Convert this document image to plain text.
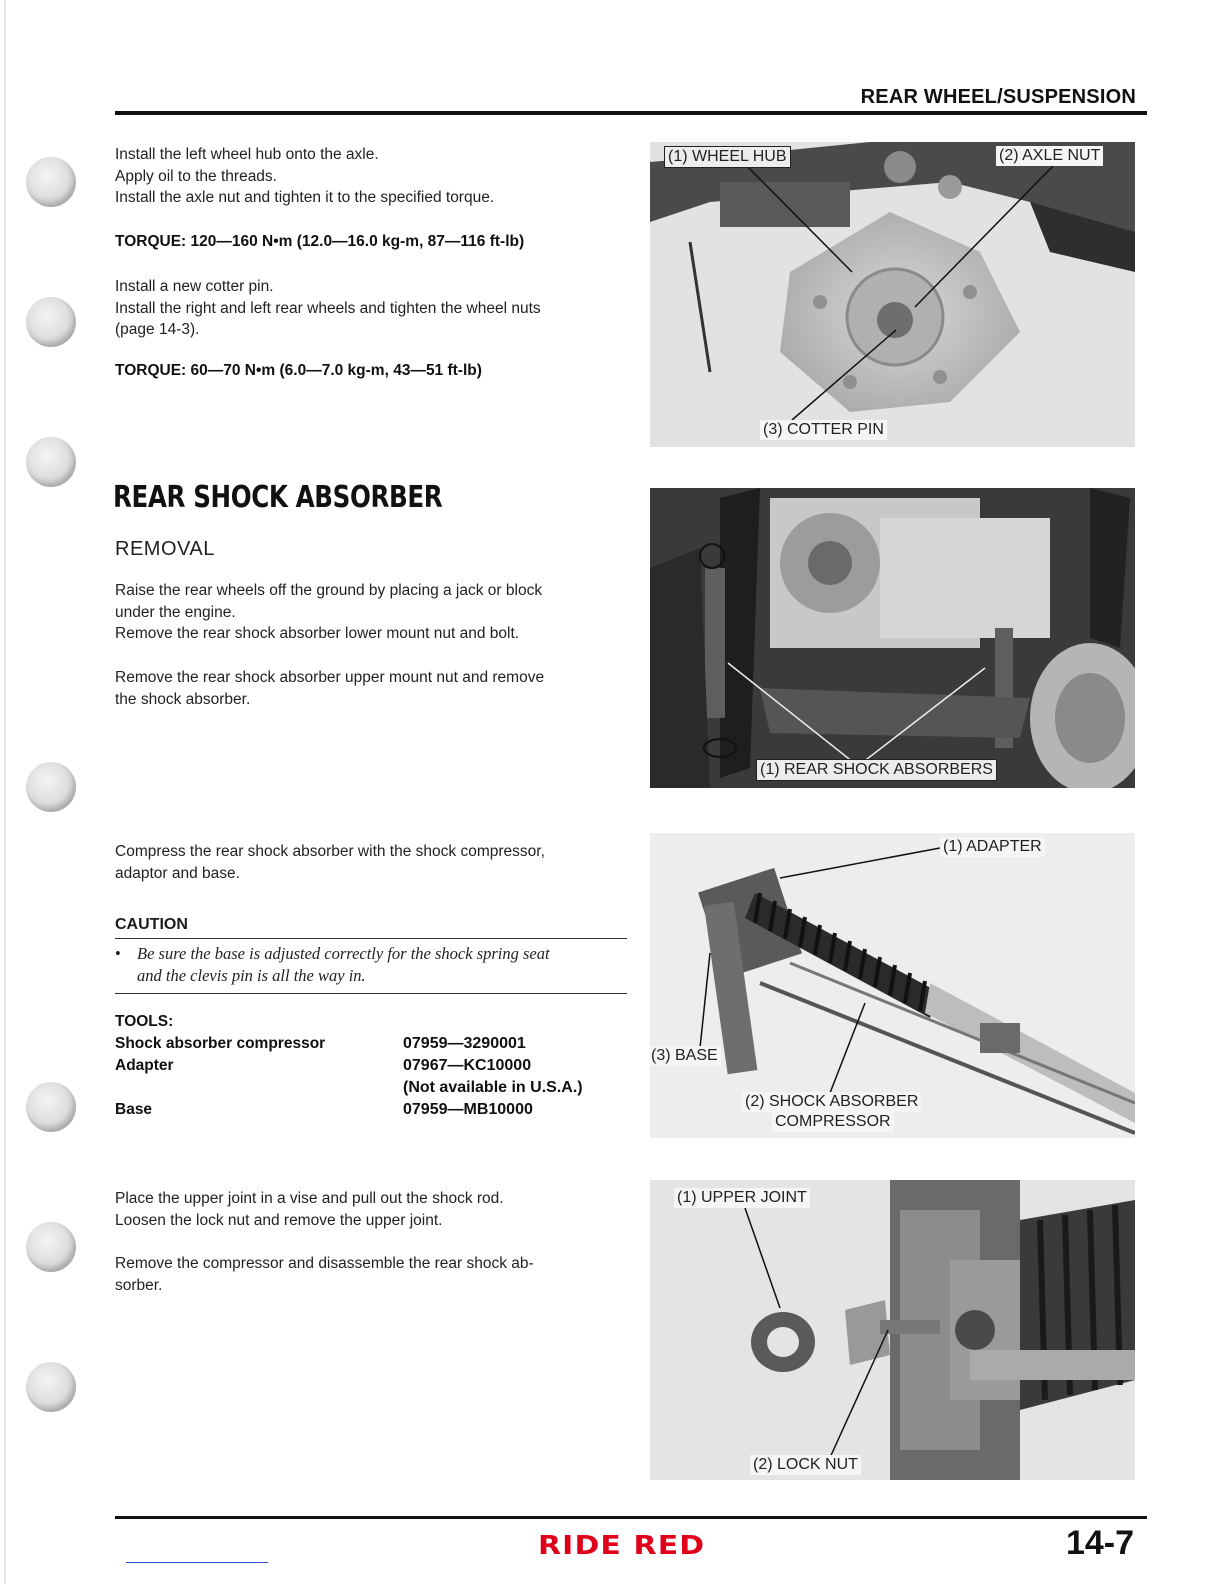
REAR WHEEL/SUSPENSION

Install the left wheel hub onto the axle.

Apply oil to the threads.

Install the axle nut and tighten it to the specified torque.

TORQUE: 120—160 N•m (12.0—16.0 kg-m, 87—116 ft-lb)

Install a new cotter pin.

Install the right and left rear wheels and tighten the wheel nuts

(page 14-3).

TORQUE: 60—70 N•m (6.0—7.0 kg-m, 43—51 ft-lb)
REAR SHOCK ABSORBER
REMOVAL

Raise the rear wheels off the ground by placing a jack or block

under the engine.

Remove the rear shock absorber lower mount nut and bolt.

Remove the rear shock absorber upper mount nut and remove

the shock absorber.

Compress the rear shock absorber with the shock compressor,

adaptor and base.

CAUTION
• Be sure the base is adjusted correctly for the shock spring seat
and the clevis pin is all the way in.
TOOLS:
Shock absorber compressor	07959—3290001
Adapter	07967—KC10000
(Not available in U.S.A.)
Base	07959—MB10000

Place the upper joint in a vise and pull out the shock rod.

Loosen the lock nut and remove the upper joint.

Remove the compressor and disassemble the rear shock ab-

sorber.

(1) WHEEL HUB	(2) AXLE NUT
(3) COTTER PIN
(1) REAR SHOCK ABSORBERS
(1) ADAPTER
(3) BASE
(2) SHOCK ABSORBER
COMPRESSOR
(1) UPPER JOINT
(2) LOCK NUT
RIDE RED	14-7
